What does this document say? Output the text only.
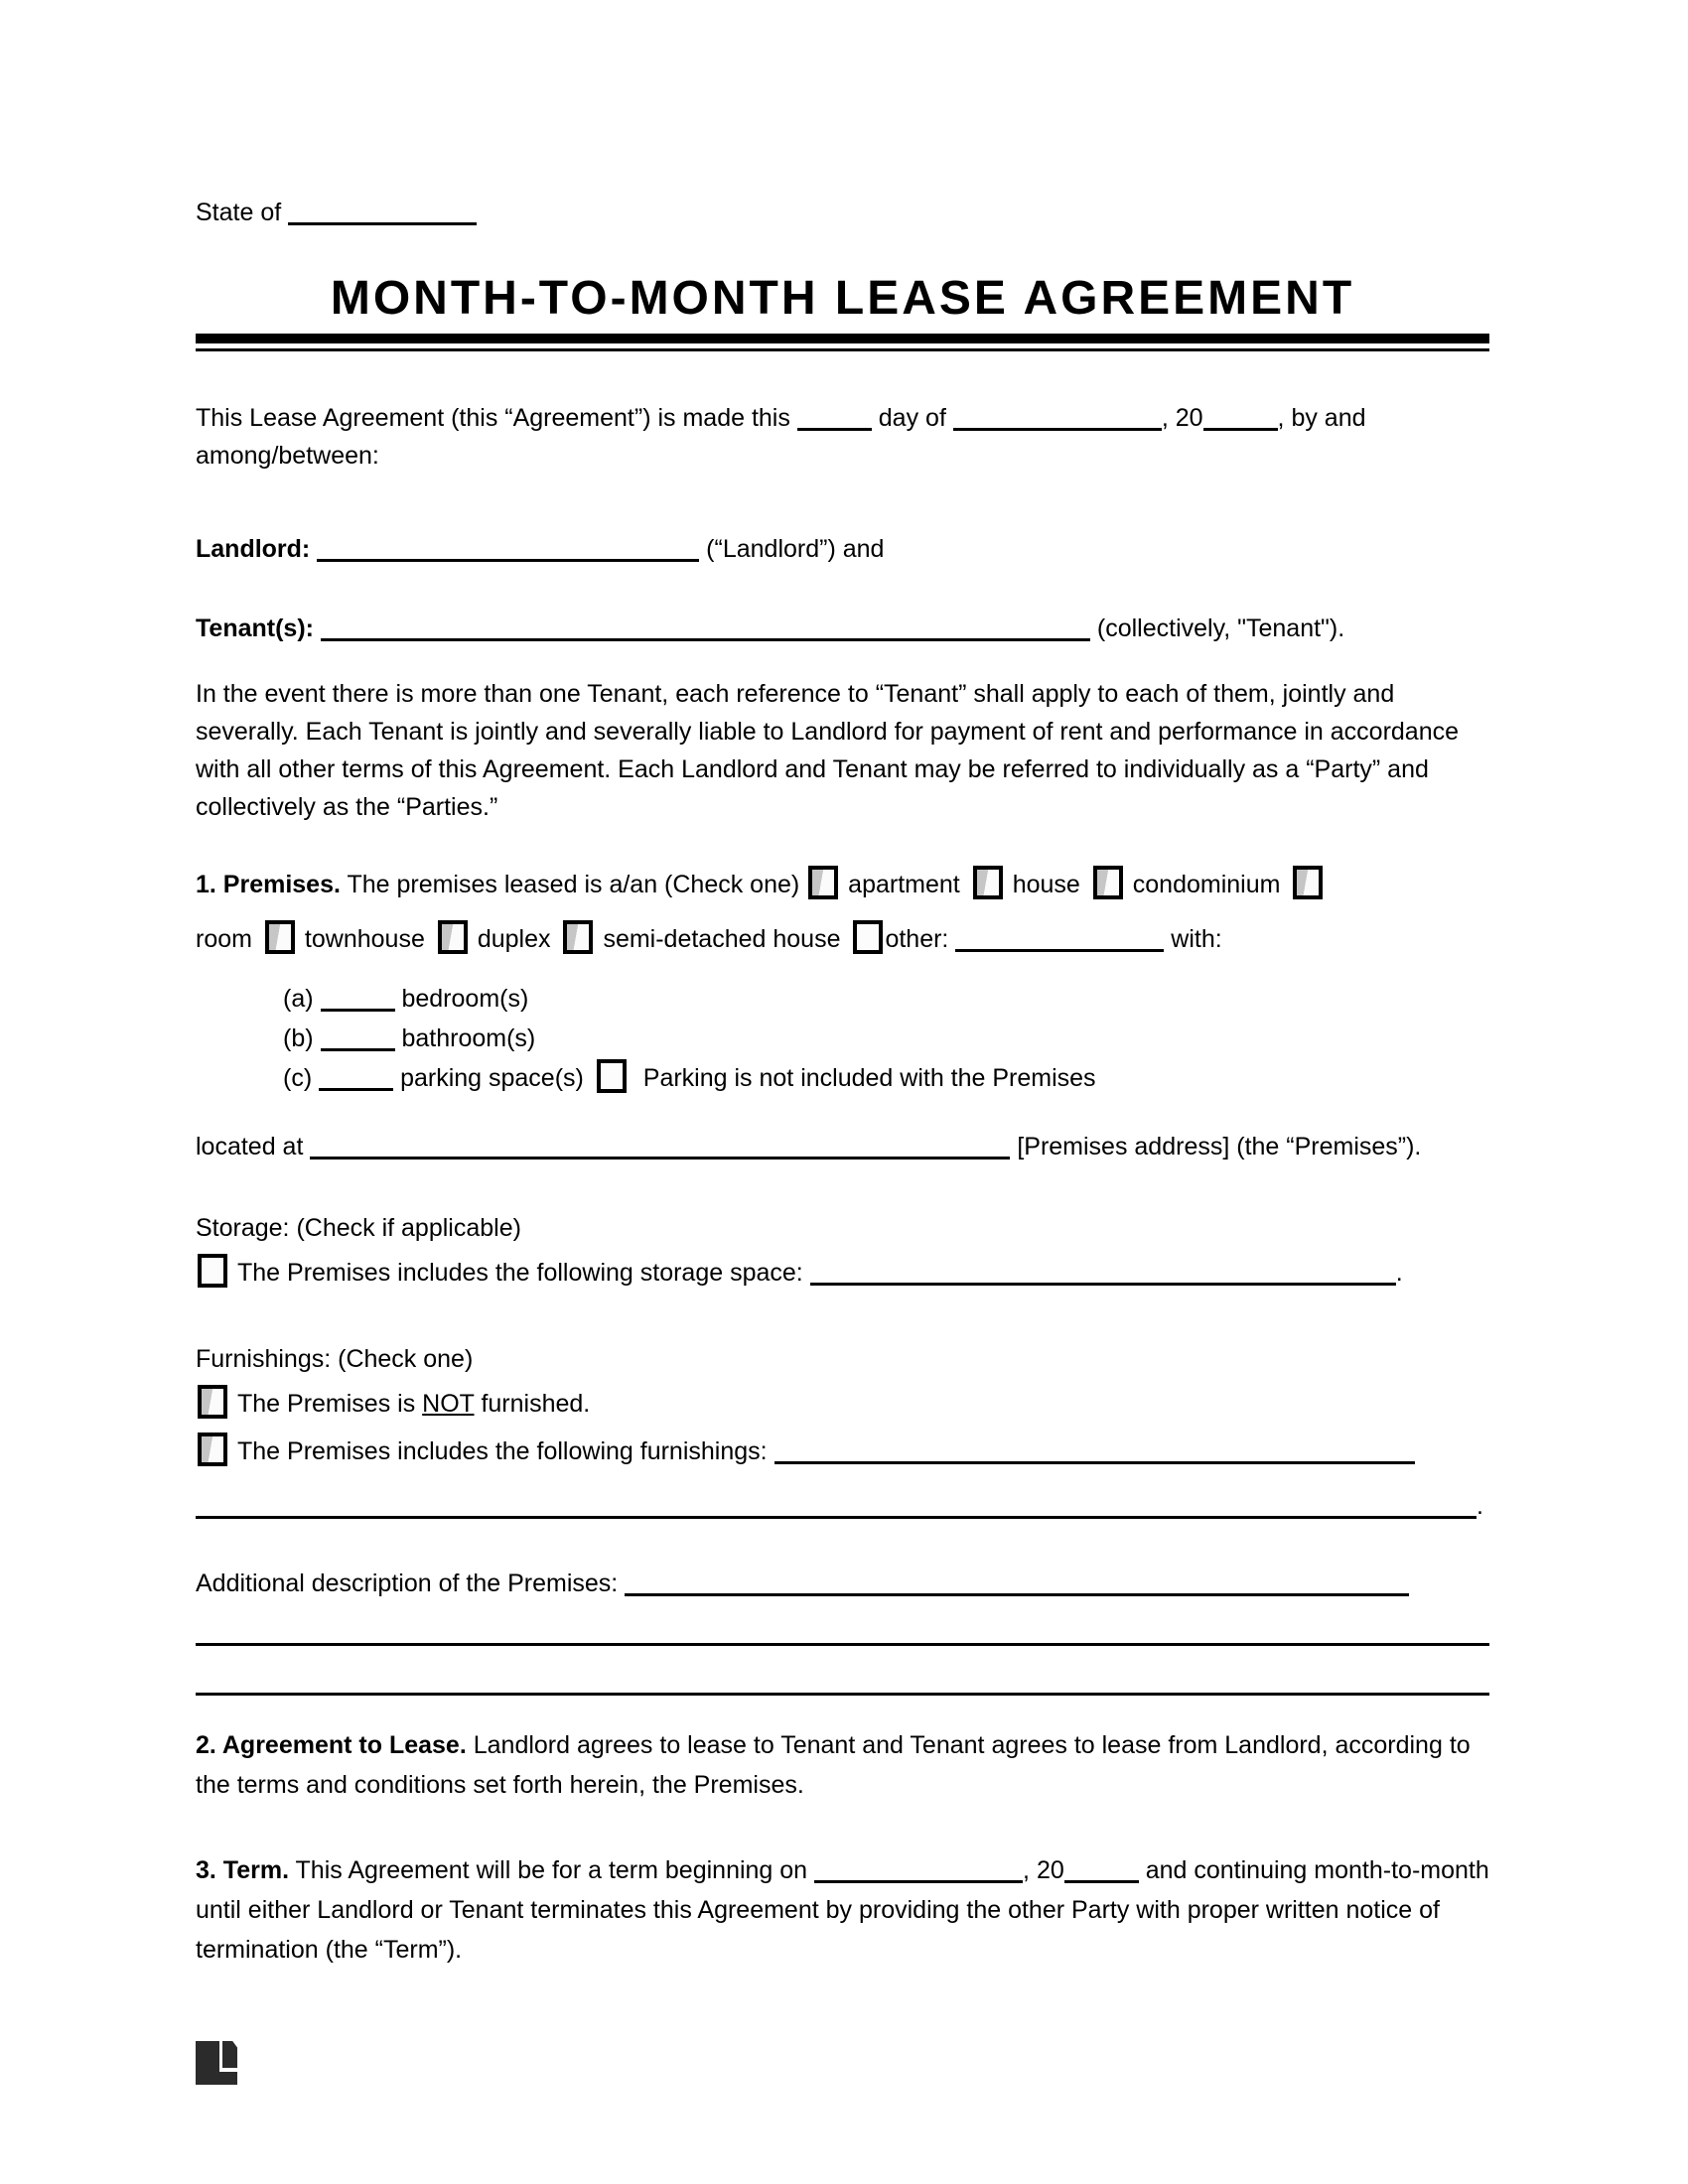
State of
MONTH-TO-MONTH LEASE AGREEMENT

This Lease Agreement (this “Agreement”) is made this	day of	, 20	, by and among/between:

Landlord:	(“Landlord”) and
Tenant(s):	(collectively, "Tenant").

In the event there is more than one Tenant, each reference to “Tenant” shall apply to each of them, jointly and severally. Each Tenant is jointly and severally liable to Landlord for payment of rent and performance in accordance with all other terms of this Agreement. Each Landlord and Tenant may be referred to individually as a “Party” and collectively as the “Parties.”

1. Premises. The premises leased is a/an (Check one) apartment house condominium
room townhouse duplex semi-detached house other:	with:
(a)	bedroom(s)
(b)	bathroom(s)
(c)	parking space(s) Parking is not included with the Premises
located at	[Premises address] (the “Premises”).
Storage: (Check if applicable)
The Premises includes the following storage space:	.
Furnishings: (Check one)
The Premises is NOT furnished.
The Premises includes the following furnishings:
.
Additional description of the Premises:

2. Agreement to Lease. Landlord agrees to lease to Tenant and Tenant agrees to lease from Landlord, according to the terms and conditions set forth herein, the Premises.

3. Term. This Agreement will be for a term beginning on	, 20	and continuing month-to-month until either Landlord or Tenant terminates this Agreement by providing the other Party with proper written notice of termination (the “Term”).
